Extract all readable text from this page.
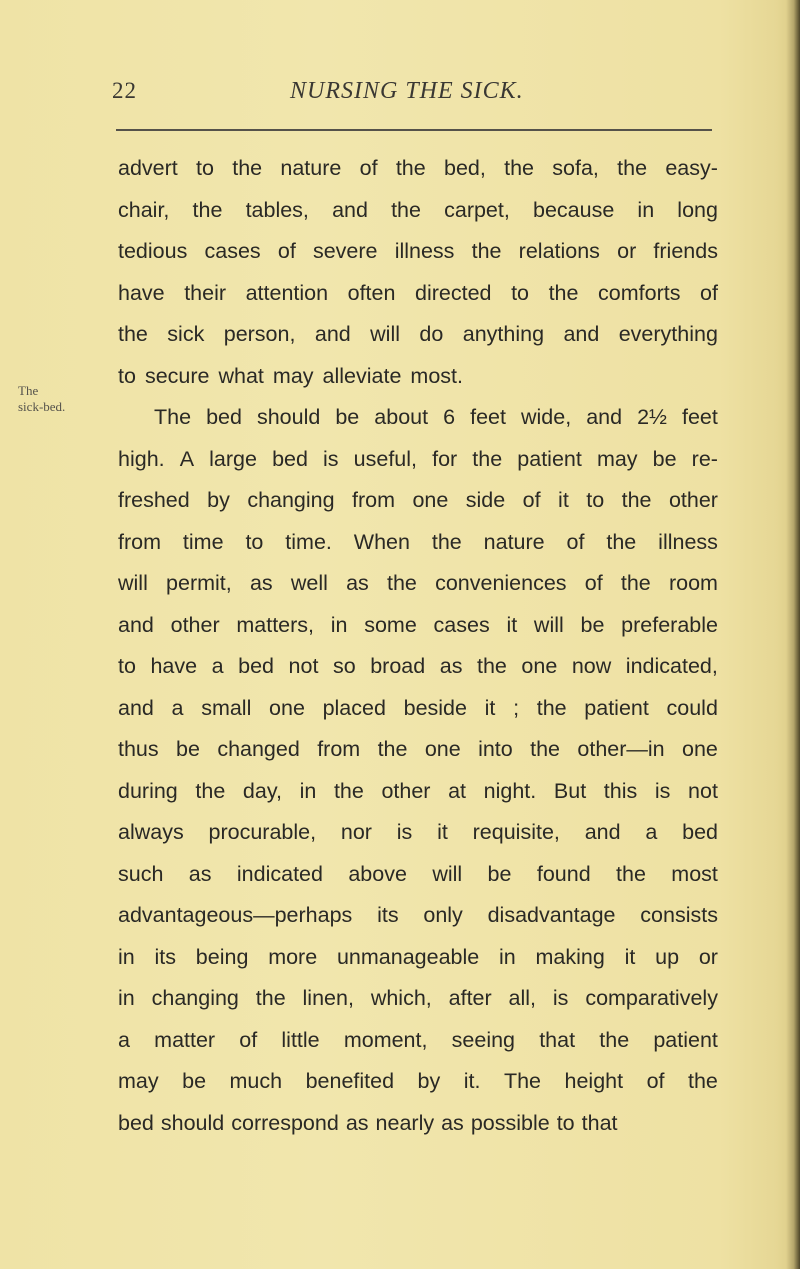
22	NURSING THE SICK.
The
sick-bed.
advert to the nature of the bed, the sofa, the easy-
chair, the tables, and the carpet, because in long
tedious cases of severe illness the relations or friends
have their attention often directed to the comforts of
the sick person, and will do anything and everything
to secure what may alleviate most.
The bed should be about 6 feet wide, and 2½ feet
high. A large bed is useful, for the patient may be re-
freshed by changing from one side of it to the other
from time to time. When the nature of the illness
will permit, as well as the conveniences of the room
and other matters, in some cases it will be preferable
to have a bed not so broad as the one now indicated,
and a small one placed beside it ; the patient could
thus be changed from the one into the other—in one
during the day, in the other at night. But this is not
always procurable, nor is it requisite, and a bed
such as indicated above will be found the most
advantageous—perhaps its only disadvantage consists
in its being more unmanageable in making it up or
in changing the linen, which, after all, is comparatively
a matter of little moment, seeing that the patient
may be much benefited by it. The height of the
bed should correspond as nearly as possible to that
